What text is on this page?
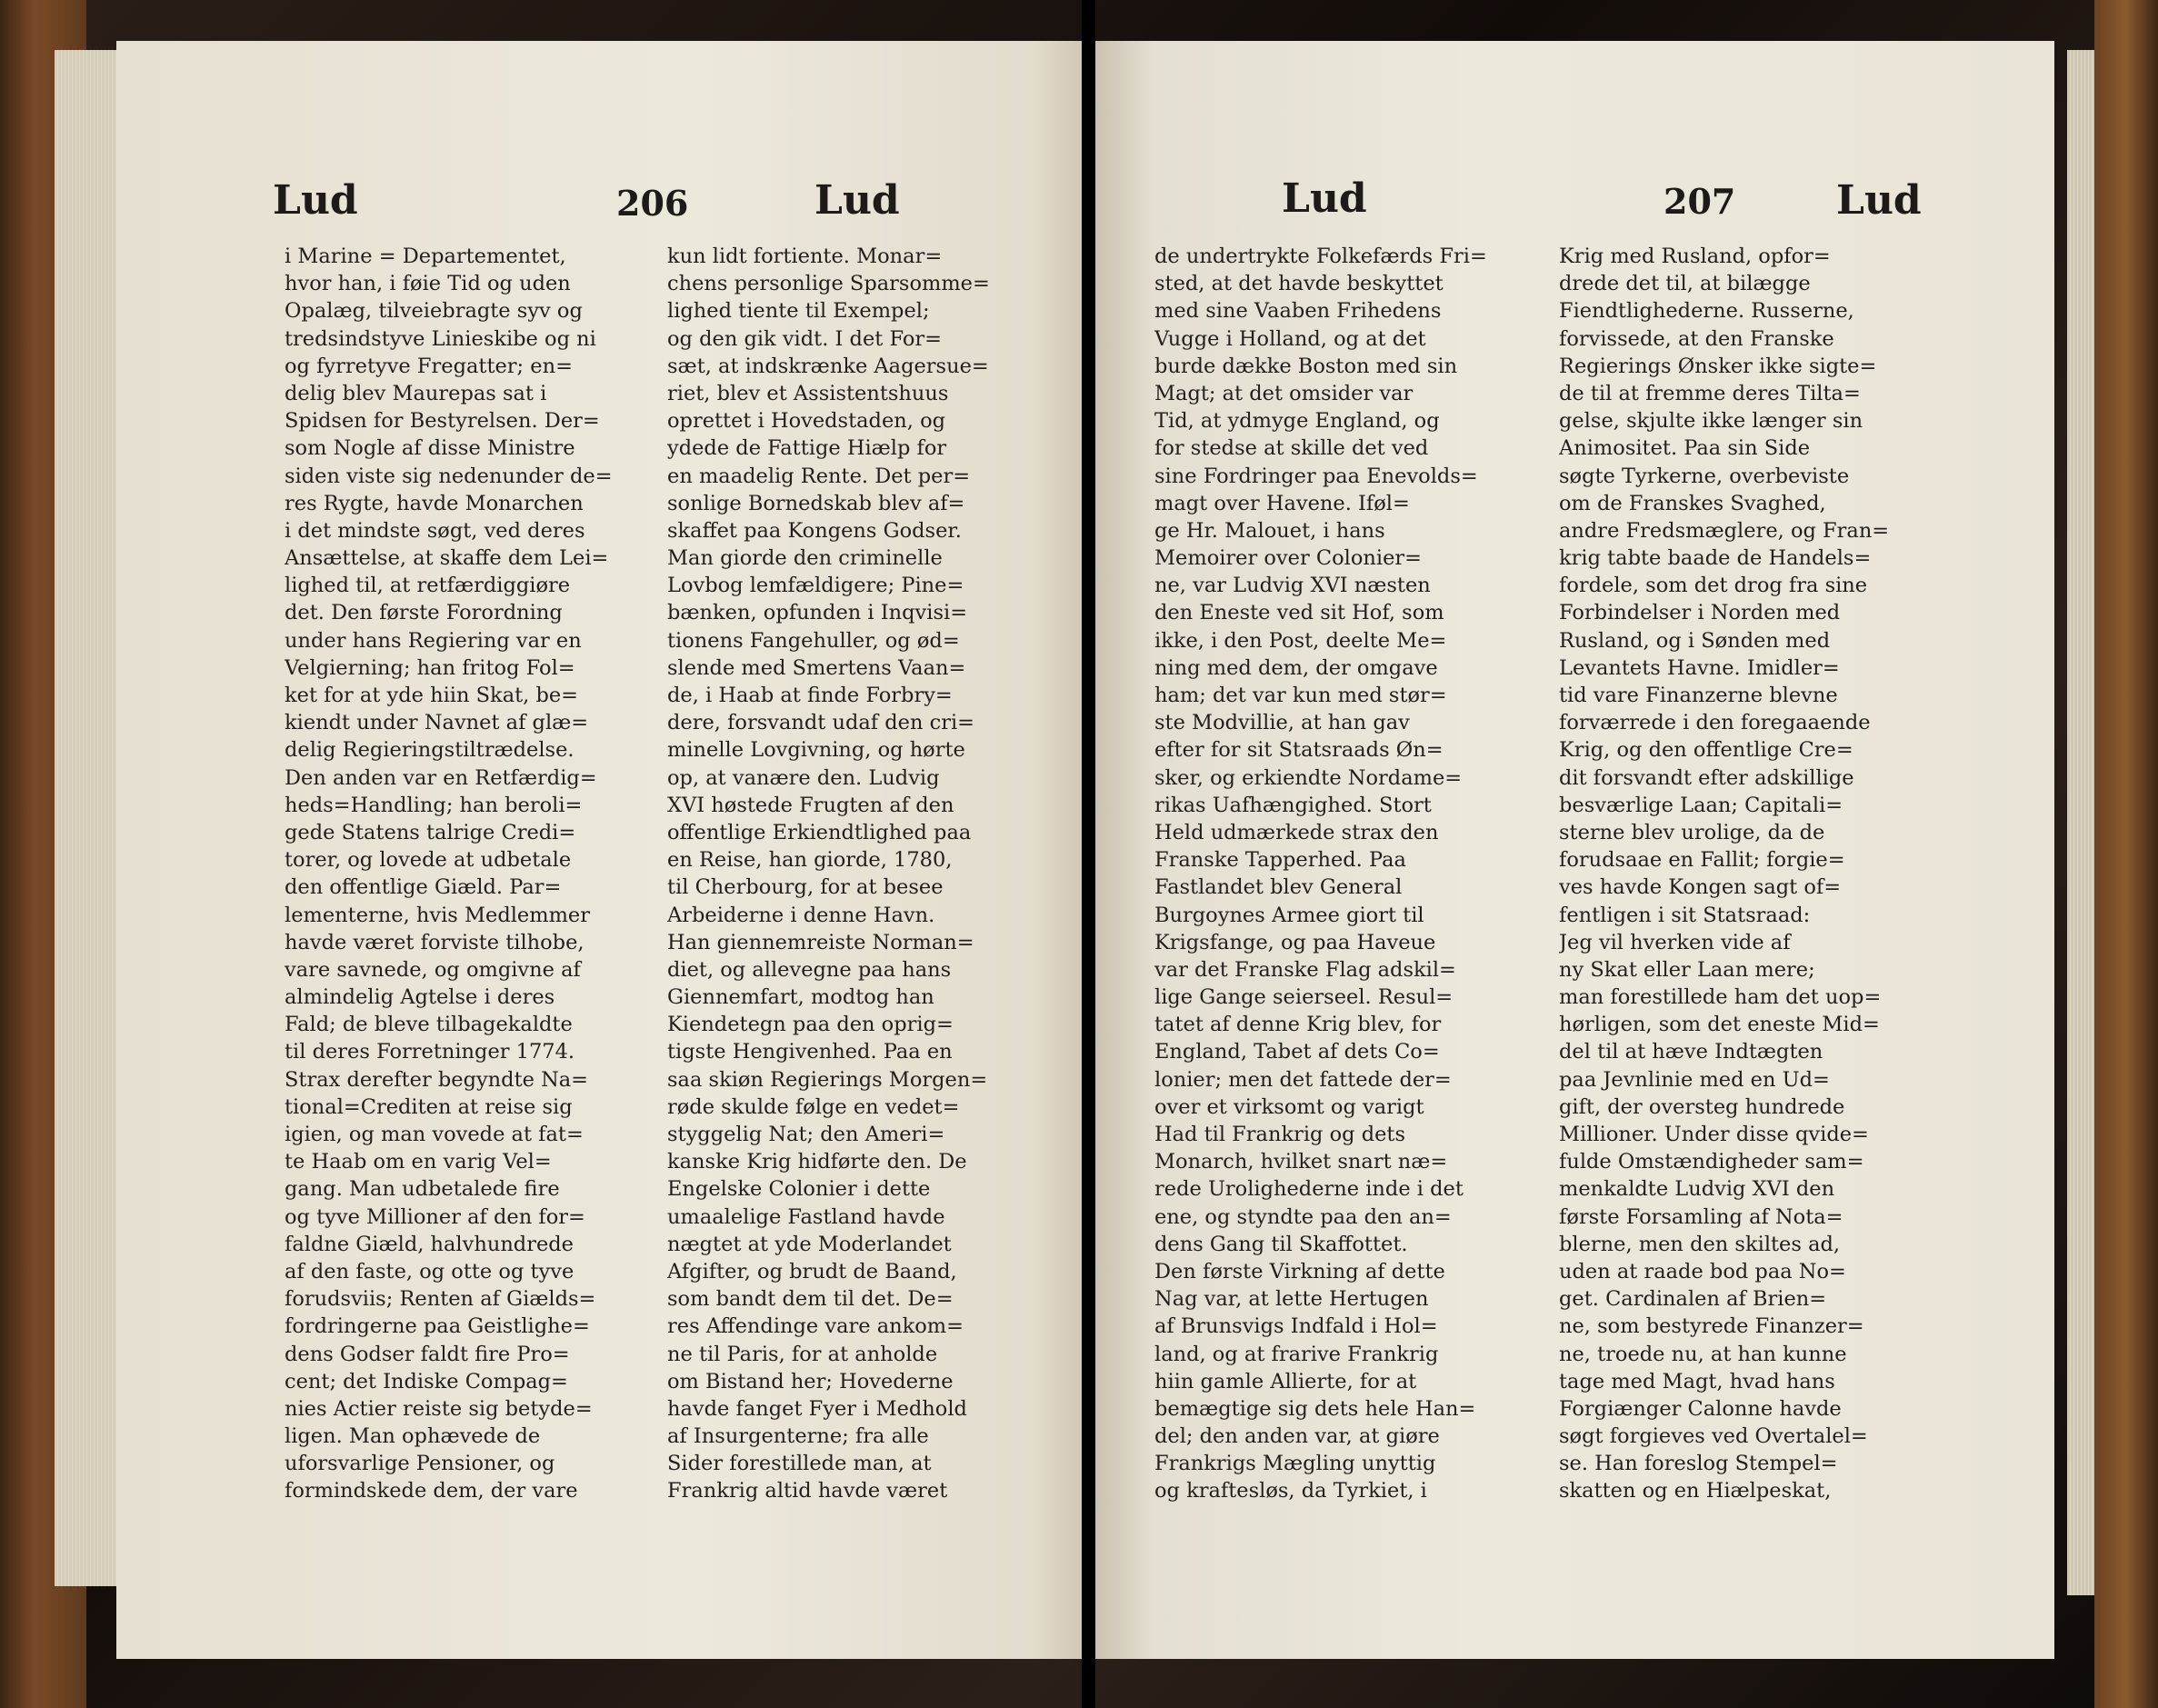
Lud	206	Lud
i Marine = Departementet,
hvor han, i føie Tid og uden
Opalæg, tilveiebragte syv og
tredsindstyve Linieskibe og ni
og fyrretyve Fregatter; en=
delig blev Maurepas sat i
Spidsen for Bestyrelsen. Der=
som Nogle af disse Ministre
siden viste sig nedenunder de=
res Rygte, havde Monarchen
i det mindste søgt, ved deres
Ansættelse, at skaffe dem Lei=
lighed til, at retfærdiggiøre
det. Den første Forordning
under hans Regiering var en
Velgierning; han fritog Fol=
ket for at yde hiin Skat, be=
kiendt under Navnet af glæ=
delig Regieringstiltrædelse.
Den anden var en Retfærdig=
heds=Handling; han beroli=
gede Statens talrige Credi=
torer, og lovede at udbetale
den offentlige Giæld. Par=
lementerne, hvis Medlemmer
havde været forviste tilhobe,
vare savnede, og omgivne af
almindelig Agtelse i deres
Fald; de bleve tilbagekaldte
til deres Forretninger 1774.
Strax derefter begyndte Na=
tional=Crediten at reise sig
igien, og man vovede at fat=
te Haab om en varig Vel=
gang. Man udbetalede fire
og tyve Millioner af den for=
faldne Giæld, halvhundrede
af den faste, og otte og tyve
forudsviis; Renten af Giælds=
fordringerne paa Geistlighe=
dens Godser faldt fire Pro=
cent; det Indiske Compag=
nies Actier reiste sig betyde=
ligen. Man ophævede de
uforsvarlige Pensioner, og
formindskede dem, der vare
kun lidt fortiente. Monar=
chens personlige Sparsomme=
lighed tiente til Exempel;
og den gik vidt. I det For=
sæt, at indskrænke Aagersue=
riet, blev et Assistentshuus
oprettet i Hovedstaden, og
ydede de Fattige Hiælp for
en maadelig Rente. Det per=
sonlige Bornedskab blev af=
skaffet paa Kongens Godser.
Man giorde den criminelle
Lovbog lemfældigere; Pine=
bænken, opfunden i Inqvisi=
tionens Fangehuller, og ød=
slende med Smertens Vaan=
de, i Haab at finde Forbry=
dere, forsvandt udaf den cri=
minelle Lovgivning, og hørte
op, at vanære den. Ludvig
XVI høstede Frugten af den
offentlige Erkiendtlighed paa
en Reise, han giorde, 1780,
til Cherbourg, for at besee
Arbeiderne i denne Havn.
Han giennemreiste Norman=
diet, og allevegne paa hans
Giennemfart, modtog han
Kiendetegn paa den oprig=
tigste Hengivenhed. Paa en
saa skiøn Regierings Morgen=
røde skulde følge en vedet=
styggelig Nat; den Ameri=
kanske Krig hidførte den. De
Engelske Colonier i dette
umaalelige Fastland havde
nægtet at yde Moderlandet
Afgifter, og brudt de Baand,
som bandt dem til det. De=
res Affendinge vare ankom=
ne til Paris, for at anholde
om Bistand her; Hovederne
havde fanget Fyer i Medhold
af Insurgenterne; fra alle
Sider forestillede man, at
Frankrig altid havde været
Lud	207	Lud
de undertrykte Folkefærds Fri=
sted, at det havde beskyttet
med sine Vaaben Frihedens
Vugge i Holland, og at det
burde dække Boston med sin
Magt; at det omsider var
Tid, at ydmyge England, og
for stedse at skille det ved
sine Fordringer paa Enevolds=
magt over Havene. Iføl=
ge Hr. Malouet, i hans
Memoirer over Colonier=
ne, var Ludvig XVI næsten
den Eneste ved sit Hof, som
ikke, i den Post, deelte Me=
ning med dem, der omgave
ham; det var kun med stør=
ste Modvillie, at han gav
efter for sit Statsraads Øn=
sker, og erkiendte Nordame=
rikas Uafhængighed. Stort
Held udmærkede strax den
Franske Tapperhed. Paa
Fastlandet blev General
Burgoynes Armee giort til
Krigsfange, og paa Haveue
var det Franske Flag adskil=
lige Gange seierseel. Resul=
tatet af denne Krig blev, for
England, Tabet af dets Co=
lonier; men det fattede der=
over et virksomt og varigt
Had til Frankrig og dets
Monarch, hvilket snart næ=
rede Urolighederne inde i det
ene, og styndte paa den an=
dens Gang til Skaffottet.
Den første Virkning af dette
Nag var, at lette Hertugen
af Brunsvigs Indfald i Hol=
land, og at frarive Frankrig
hiin gamle Allierte, for at
bemægtige sig dets hele Han=
del; den anden var, at giøre
Frankrigs Mægling unyttig
og kraftesløs, da Tyrkiet, i
Krig med Rusland, opfor=
drede det til, at bilægge
Fiendtlighederne. Russerne,
forvissede, at den Franske
Regierings Ønsker ikke sigte=
de til at fremme deres Tilta=
gelse, skjulte ikke længer sin
Animositet. Paa sin Side
søgte Tyrkerne, overbeviste
om de Franskes Svaghed,
andre Fredsmæglere, og Fran=
krig tabte baade de Handels=
fordele, som det drog fra sine
Forbindelser i Norden med
Rusland, og i Sønden med
Levantets Havne. Imidler=
tid vare Finanzerne blevne
forværrede i den foregaaende
Krig, og den offentlige Cre=
dit forsvandt efter adskillige
besværlige Laan; Capitali=
sterne blev urolige, da de
forudsaae en Fallit; forgie=
ves havde Kongen sagt of=
fentligen i sit Statsraad:
Jeg vil hverken vide af
ny Skat eller Laan mere;
man forestillede ham det uop=
hørligen, som det eneste Mid=
del til at hæve Indtægten
paa Jevnlinie med en Ud=
gift, der oversteg hundrede
Millioner. Under disse qvide=
fulde Omstændigheder sam=
menkaldte Ludvig XVI den
første Forsamling af Nota=
blerne, men den skiltes ad,
uden at raade bod paa No=
get. Cardinalen af Brien=
ne, som bestyrede Finanzer=
ne, troede nu, at han kunne
tage med Magt, hvad hans
Forgiænger Calonne havde
søgt forgieves ved Overtalel=
se. Han foreslog Stempel=
skatten og en Hiælpeskat,
